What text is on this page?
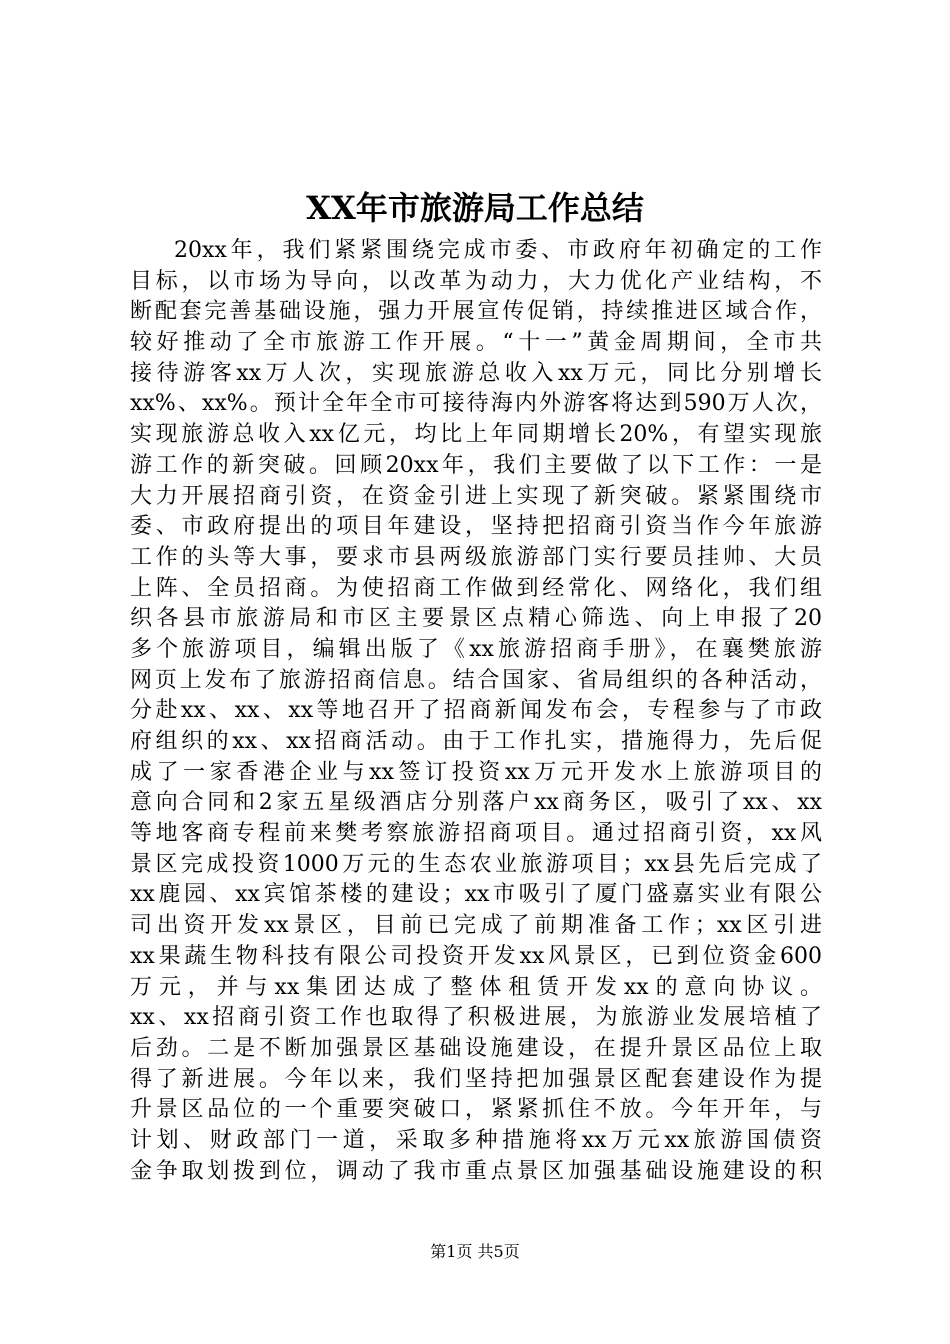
XX年市旅游局工作总结
20xx年，我们紧紧围绕完成市委、市政府年初确定的工作
目标，以市场为导向，以改革为动力，大力优化产业结构，不
断配套完善基础设施，强力开展宣传促销，持续推进区域合作，
较好推动了全市旅游工作开展。“十一”黄金周期间，全市共
接待游客xx万人次，实现旅游总收入xx万元，同比分别增长
xx%、xx%。预计全年全市可接待海内外游客将达到590万人次，
实现旅游总收入xx亿元，均比上年同期增长20%，有望实现旅
游工作的新突破。回顾20xx年，我们主要做了以下工作：一是
大力开展招商引资，在资金引进上实现了新突破。紧紧围绕市
委、市政府提出的项目年建设，坚持把招商引资当作今年旅游
工作的头等大事，要求市县两级旅游部门实行要员挂帅、大员
上阵、全员招商。为使招商工作做到经常化、网络化，我们组
织各县市旅游局和市区主要景区点精心筛选、向上申报了20
多个旅游项目，编辑出版了《xx旅游招商手册》，在襄樊旅游
网页上发布了旅游招商信息。结合国家、省局组织的各种活动，
分赴xx、xx、xx等地召开了招商新闻发布会，专程参与了市政
府组织的xx、xx招商活动。由于工作扎实，措施得力，先后促
成了一家香港企业与xx签订投资xx万元开发水上旅游项目的
意向合同和2家五星级酒店分别落户xx商务区，吸引了xx、xx
等地客商专程前来樊考察旅游招商项目。通过招商引资，xx风
景区完成投资1000万元的生态农业旅游项目；xx县先后完成了
xx鹿园、xx宾馆茶楼的建设；xx市吸引了厦门盛嘉实业有限公
司出资开发xx景区，目前已完成了前期准备工作；xx区引进
xx果蔬生物科技有限公司投资开发xx风景区，已到位资金600
万元，并与xx集团达成了整体租赁开发xx的意向协议。
xx、xx招商引资工作也取得了积极进展，为旅游业发展培植了
后劲。二是不断加强景区基础设施建设，在提升景区品位上取
得了新进展。今年以来，我们坚持把加强景区配套建设作为提
升景区品位的一个重要突破口，紧紧抓住不放。今年开年，与
计划、财政部门一道，采取多种措施将xx万元xx旅游国债资
金争取划拨到位，调动了我市重点景区加强基础设施建设的积
第1页 共5页
